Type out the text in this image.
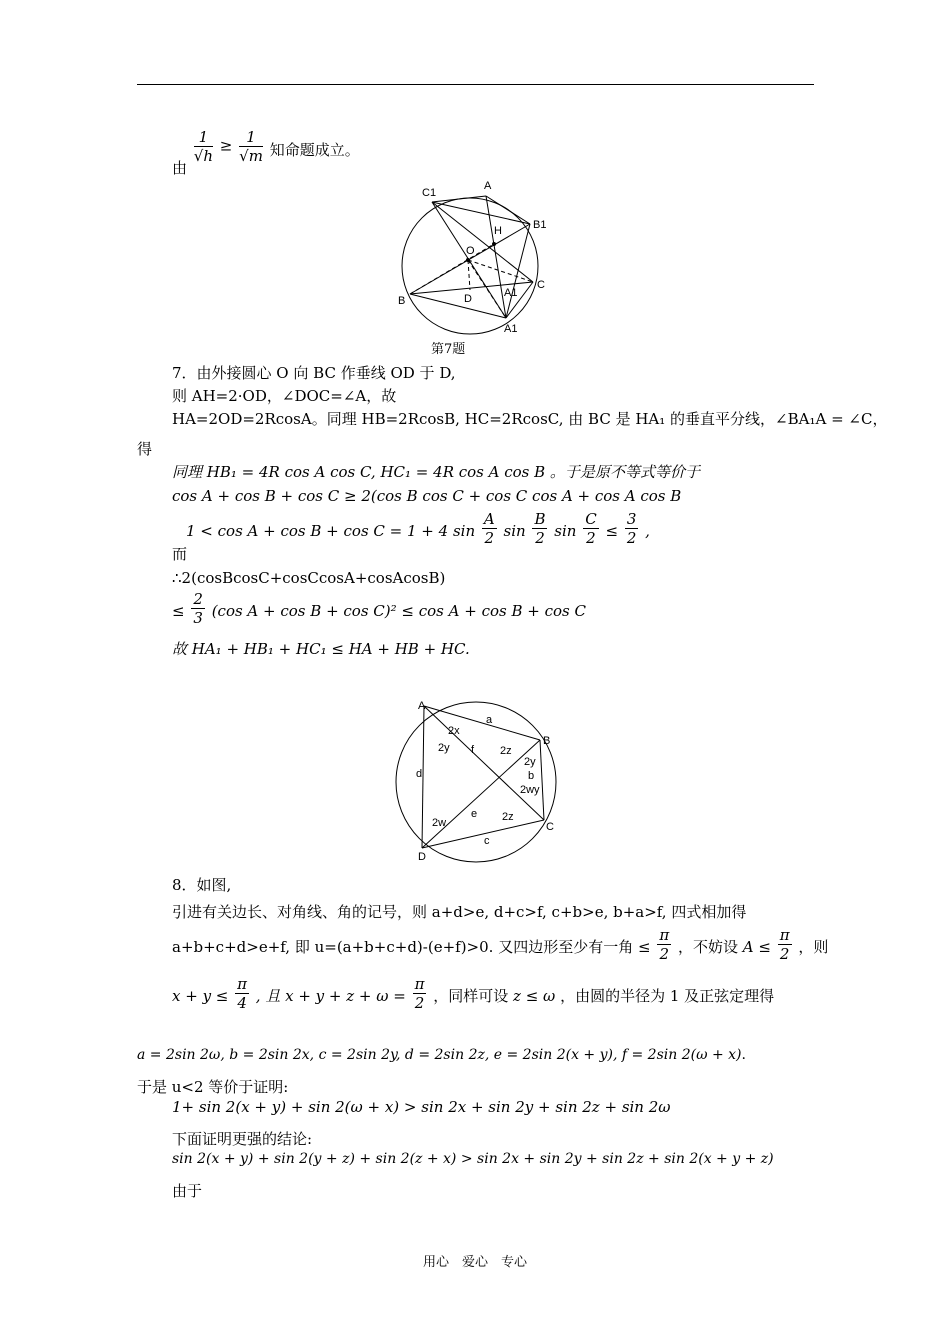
由
$\frac{1}{√h} \ge \frac{1}{√m}$ 知命题成立。
C1
A
B1
H
O
D	A1
C
B
A1
第7题
7．由外接圆心 O 向 BC 作垂线 OD 于 D,
则 AH=2·OD，∠DOC=∠A，故
HA=2OD=2RcosA。同理 HB=2RcosB, HC=2RcosC, 由 BC 是 HA₁ 的垂直平分线，∠BA₁A = ∠C，
得
同理 HB₁ = 4R cos A cos C, HC₁ = 4R cos A cos B 。于是原不等式等价于
cos A + cos B + cos C ≥ 2(cos B cos C + cos C cos A + cos A cos B
1 < cos A + cos B + cos C = 1 + 4 $\sin \frac{A}{2}$ $\sin \frac{B}{2}$ $\sin \frac{C}{2} \le \frac{3}{2}$ ,
而
∴2(cosBcosC+cosCcosA+cosAcosB)
≤ $\frac{2}{3} (\cos$ A + cos B + cos C)² ≤ cos A + cos B + cos C
故 HA₁ + HB₁ + HC₁ ≤ HA + HB + HC.
A
a
B
2x
2y f 2z
2y
b
2wy
d
e 2z
2w	C
c
D
8．如图,
引进有关边长、对角线、角的记号，则 a+d>e, d+c>f, c+b>e, b+a>f, 四式相加得
a+b+c+d>e+f, 即 u=(a+b+c+d)-(e+f)>0. 又四边形至少有一角 ≤ $\frac{\pi}{2}$ ，不妨设 $A \le \frac{\pi}{2}$ ，则
$x + y \le \frac{\pi}{4}$ , 且 $x + y + z + \omega = \frac{\pi}{2}$ ，同样可设 z ≤ ω ，由圆的半径为 1 及正弦定理得
a = 2sin 2ω, b = 2sin 2x, c = 2sin 2y, d = 2sin 2z, e = 2sin 2(x + y), f = 2sin 2(ω + x).
于是 u<2 等价于证明:
1+ sin 2(x + y) + sin 2(ω + x) > sin 2x + sin 2y + sin 2z + sin 2ω
下面证明更强的结论:
sin 2(x + y) + sin 2(y + z) + sin 2(z + x) > sin 2x + sin 2y + sin 2z + sin 2(x + y + z)
由于
用心　爱心　专心
